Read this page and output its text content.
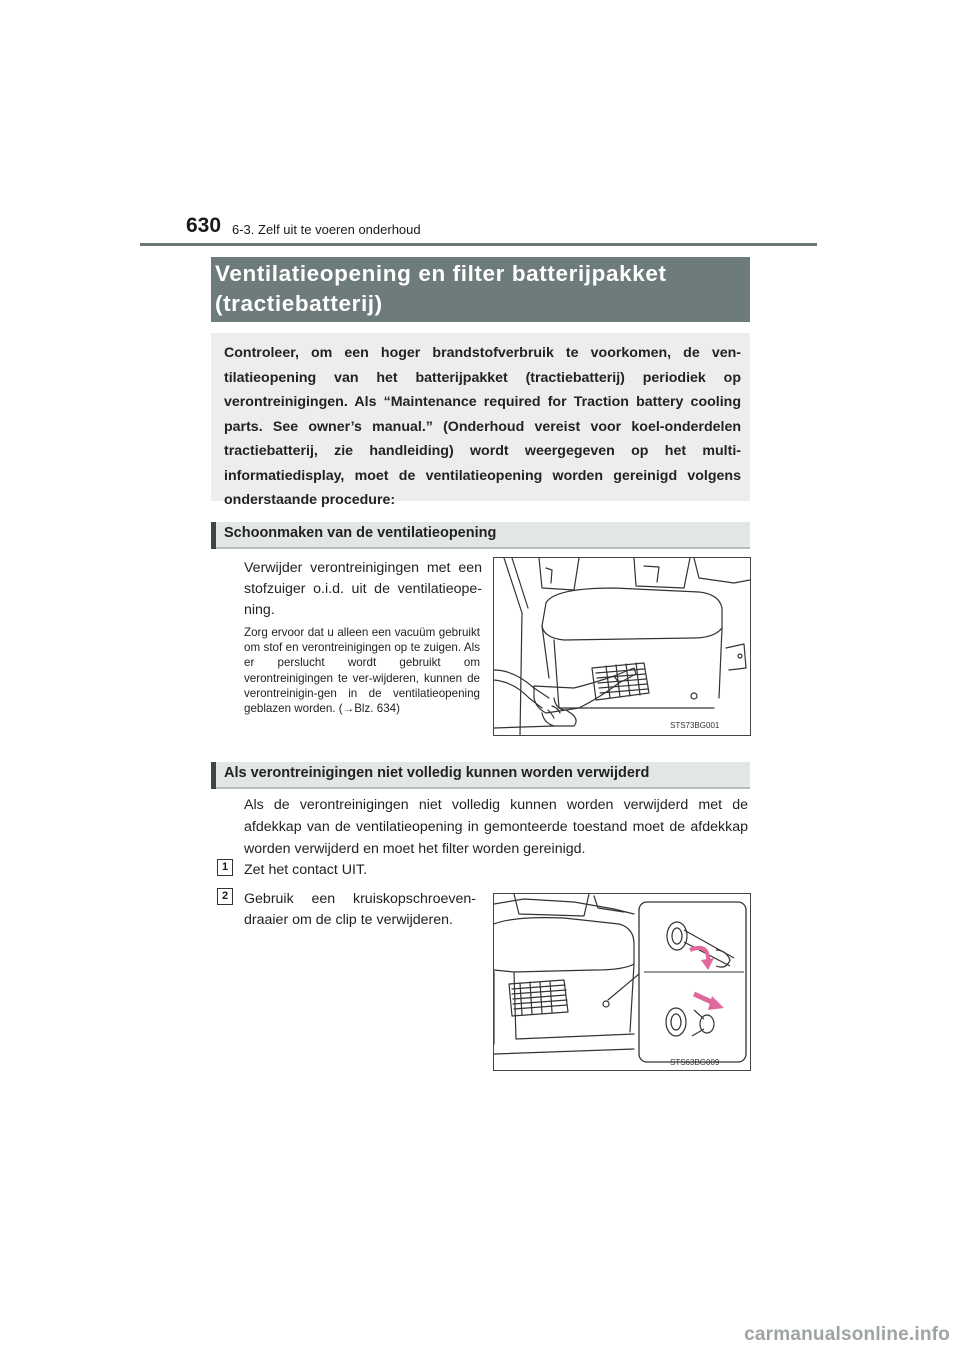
630 6-3. Zelf uit te voeren onderhoud
Ventilatieopening en filter batterijpakket (tractiebatterij)
Controleer, om een hoger brandstofverbruik te voorkomen, de ven-tilatieopening van het batterijpakket (tractiebatterij) periodiek op verontreinigingen. Als “Maintenance required for Traction battery cooling parts. See owner’s manual.” (Onderhoud vereist voor koel-onderdelen tractiebatterij, zie handleiding) wordt weergegeven op het multi-informatiedisplay, moet de ventilatieopening worden gereinigd volgens onderstaande procedure:
Schoonmaken van de ventilatieopening
Verwijder verontreinigingen met een stofzuiger o.i.d. uit de ventilatieope-ning.
Zorg ervoor dat u alleen een vacuüm gebruikt om stof en verontreinigingen op te zuigen. Als er perslucht wordt gebruikt om verontreinigingen te ver-wijderen, kunnen de verontreinigin-gen in de ventilatieopening geblazen worden. (→Blz. 634)
STS73BG001
Als verontreinigingen niet volledig kunnen worden verwijderd
Als de verontreinigingen niet volledig kunnen worden verwijderd met de afdekkap van de ventilatieopening in gemonteerde toestand moet de afdekkap worden verwijderd en moet het filter worden gereinigd.
1	Zet het contact UIT.
2	Gebruik een kruiskopschroeven-draaier om de clip te verwijderen.
STS63BG009
carmanualsonline.info
